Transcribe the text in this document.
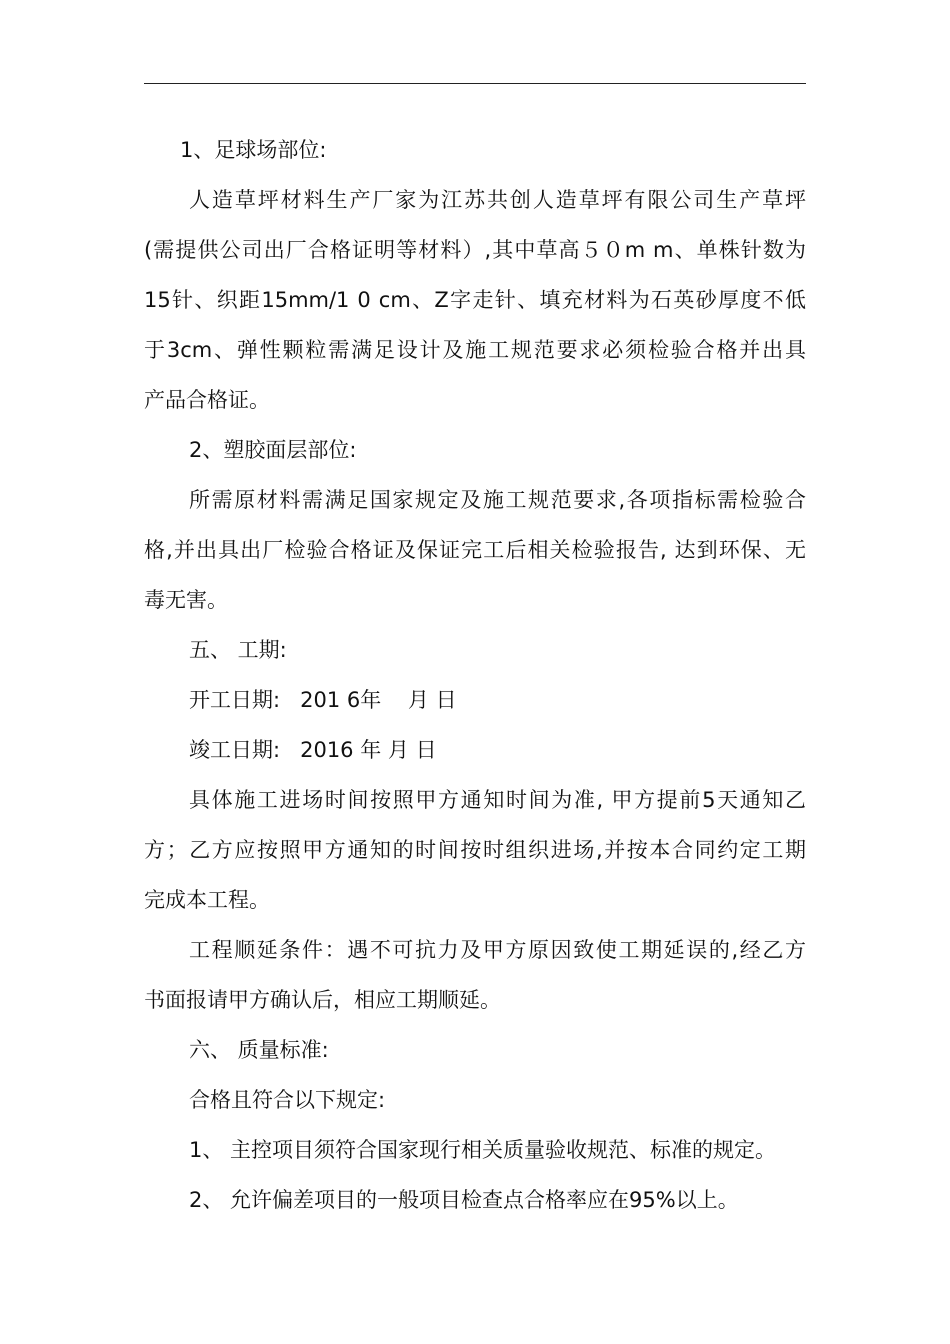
1、足球场部位:
人造草坪材料生产厂家为江苏共创人造草坪有限公司生产草坪
(需提供公司出厂合格证明等材料）,其中草高５０m m、单株针数为
15针、织距15mm/1 0 cm、Z字走针、填充材料为石英砂厚度不低
于3cm、弹性颗粒需满足设计及施工规范要求必须检验合格并出具
产品合格证。
2、塑胶面层部位:
所需原材料需满足国家规定及施工规范要求,各项指标需检验合
格,并出具出厂检验合格证及保证完工后相关检验报告, 达到环保、无
毒无害。
五、 工期:
开工日期:   201 6年    月 日
竣工日期:   2016 年 月 日
具体施工进场时间按照甲方通知时间为准, 甲方提前5天通知乙
方；乙方应按照甲方通知的时间按时组织进场,并按本合同约定工期
完成本工程。
工程顺延条件：遇不可抗力及甲方原因致使工期延误的,经乙方
书面报请甲方确认后，相应工期顺延。
六、 质量标准:
合格且符合以下规定:
1、 主控项目须符合国家现行相关质量验收规范、标准的规定。
2、 允许偏差项目的一般项目检查点合格率应在95%以上。
